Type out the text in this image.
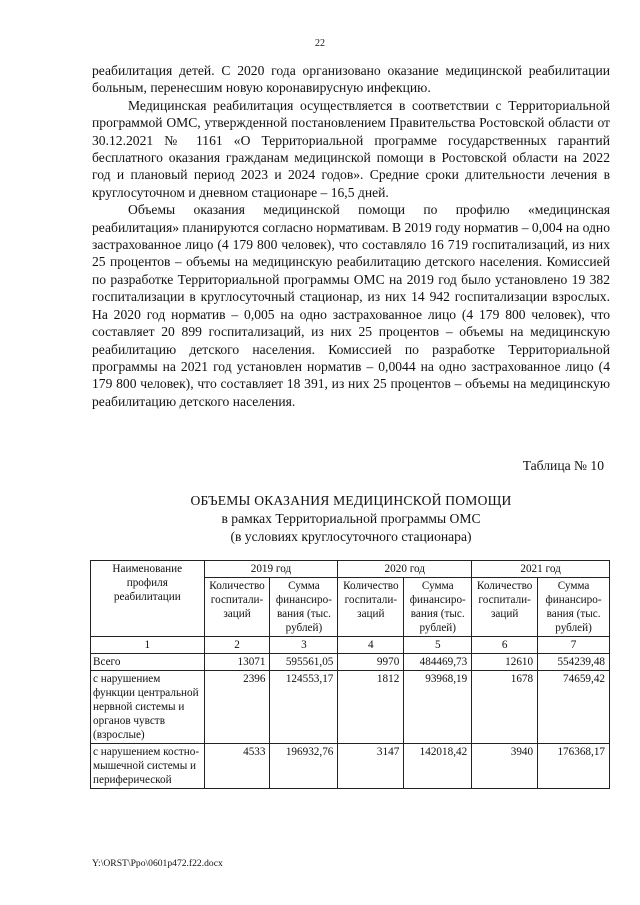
22

реабилитация детей. С 2020 года организовано оказание медицинской реабилитации больным, перенесшим новую коронавирусную инфекцию.

Медицинская реабилитация осуществляется в соответствии с Территориальной программой ОМС, утвержденной постановлением Правительства Ростовской области от 30.12.2021 № 1161 «О Территориальной программе государственных гарантий бесплатного оказания гражданам медицинской помощи в Ростовской области на 2022 год и плановый период 2023 и 2024 годов». Средние сроки длительности лечения в круглосуточном и дневном стационаре – 16,5 дней.

Объемы оказания медицинской помощи по профилю «медицинская реабилитация» планируются согласно нормативам. В 2019 году норматив – 0,004 на одно застрахованное лицо (4 179 800 человек), что составляло 16 719 госпитализаций, из них 25 процентов – объемы на медицинскую реабилитацию детского населения. Комиссией по разработке Территориальной программы ОМС на 2019 год было установлено 19 382 госпитализации в круглосуточный стационар, из них 14 942 госпитализации взрослых. На 2020 год норматив – 0,005 на одно застрахованное лицо (4 179 800 человек), что составляет 20 899 госпитализаций, из них 25 процентов – объемы на медицинскую реабилитацию детского населения. Комиссией по разработке Территориальной программы на 2021 год установлен норматив – 0,0044 на одно застрахованное лицо (4 179 800 человек), что составляет 18 391, из них 25 процентов – объемы на медицинскую реабилитацию детского населения.

Таблица № 10
ОБЪЕМЫ ОКАЗАНИЯ МЕДИЦИНСКОЙ ПОМОЩИ
в рамках Территориальной программы ОМС
(в условиях круглосуточного стационара)
Наименование профиля реабилитации	2019 год		2020 год		2021 год	
	Количество госпитали-заций	Сумма финансиро-вания (тыс. рублей)	Количество госпитали-заций	Сумма финансиро-вания (тыс. рублей)	Количество госпитали-заций	Сумма финансиро-вания (тыс. рублей)
1	2	3	4	5	6	7
Всего	13071	595561,05	9970	484469,73	12610	554239,48
с нарушением функции центральной нервной системы и органов чувств (взрослые)	2396	124553,17	1812	93968,19	1678	74659,42
с нарушением костно-мышечной системы и периферической	4533	196932,76	3147	142018,42	3940	176368,17
Y:\ORST\Ppo\0601p472.f22.docx
